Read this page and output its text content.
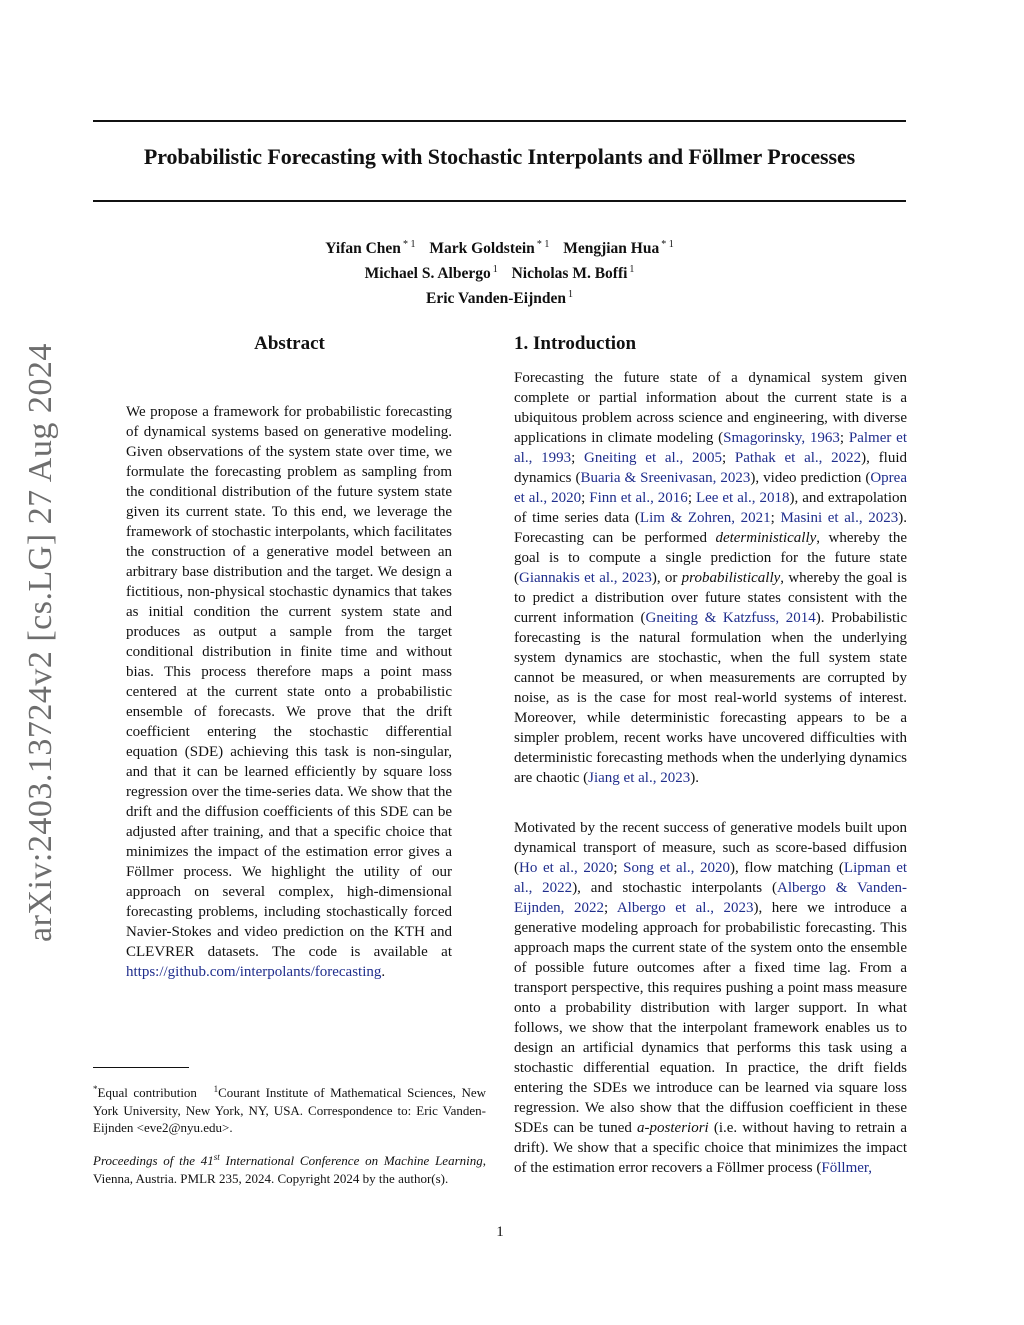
arXiv:2403.13724v2 [cs.LG] 27 Aug 2024
Probabilistic Forecasting with Stochastic Interpolants and Föllmer Processes
Yifan Chen $^{* 1}$ Mark Goldstein $^{* 1}$ Mengjian Hua $^{* 1}$
Michael S. Albergo $^1$ Nicholas M. Boffi $^1$
Eric Vanden-Eijnden $^1$
Abstract

We propose a framework for probabilistic forecasting of dynamical systems based on generative modeling. Given observations of the system state over time, we formulate the forecasting problem as sampling from the conditional distribution of the future system state given its current state. To this end, we leverage the framework of stochastic interpolants, which facilitates the construction of a generative model between an arbitrary base distribution and the target. We design a fictitious, non-physical stochastic dynamics that takes as initial condition the current system state and produces as output a sample from the target conditional distribution in finite time and without bias. This process therefore maps a point mass centered at the current state onto a probabilistic ensemble of forecasts. We prove that the drift coefficient entering the stochastic differential equation (SDE) achieving this task is non-singular, and that it can be learned efficiently by square loss regression over the time-series data. We show that the drift and the diffusion coefficients of this SDE can be adjusted after training, and that a specific choice that minimizes the impact of the estimation error gives a Föllmer process. We highlight the utility of our approach on several complex, high-dimensional forecasting problems, including stochastically forced Navier-Stokes and video prediction on the KTH and CLEVRER datasets. The code is available at https://github.com/interpolants/forecasting.

1. Introduction

Forecasting the future state of a dynamical system given complete or partial information about the current state is a ubiquitous problem across science and engineering, with diverse applications in climate modeling (Smagorinsky, 1963; Palmer et al., 1993; Gneiting et al., 2005; Pathak et al., 2022), fluid dynamics (Buaria & Sreenivasan, 2023), video prediction (Oprea et al., 2020; Finn et al., 2016; Lee et al., 2018), and extrapolation of time series data (Lim & Zohren, 2021; Masini et al., 2023). Forecasting can be performed deterministically, whereby the goal is to compute a single prediction for the future state (Giannakis et al., 2023), or probabilistically, whereby the goal is to predict a distribution over future states consistent with the current information (Gneiting & Katzfuss, 2014). Probabilistic forecasting is the natural formulation when the underlying system dynamics are stochastic, when the full system state cannot be measured, or when measurements are corrupted by noise, as is the case for most real-world systems of interest. Moreover, while deterministic forecasting appears to be a simpler problem, recent works have uncovered difficulties with deterministic forecasting methods when the underlying dynamics are chaotic (Jiang et al., 2023).

Motivated by the recent success of generative models built upon dynamical transport of measure, such as score-based diffusion (Ho et al., 2020; Song et al., 2020), flow matching (Lipman et al., 2022), and stochastic interpolants (Albergo & Vanden-Eijnden, 2022; Albergo et al., 2023), here we introduce a generative modeling approach for probabilistic forecasting. This approach maps the current state of the system onto the ensemble of possible future outcomes after a fixed time lag. From a transport perspective, this requires pushing a point mass measure onto a probability distribution with larger support. In what follows, we show that the interpolant framework enables us to design an artificial dynamics that performs this task using a stochastic differential equation. In practice, the drift fields entering the SDEs we introduce can be learned via square loss regression. We also show that the diffusion coefficient in these SDEs can be tuned a-posteriori (i.e. without having to retrain a drift). We show that a specific choice that minimizes the impact of the estimation error recovers a Föllmer process (Föllmer,

*Equal contribution $^1$Courant Institute of Mathematical Sciences, New York University, New York, NY, USA. Correspondence to: Eric Vanden-Eijnden <eve2@nyu.edu>.

Proceedings of the 41st International Conference on Machine Learning, Vienna, Austria. PMLR 235, 2024. Copyright 2024 by the author(s).

1
